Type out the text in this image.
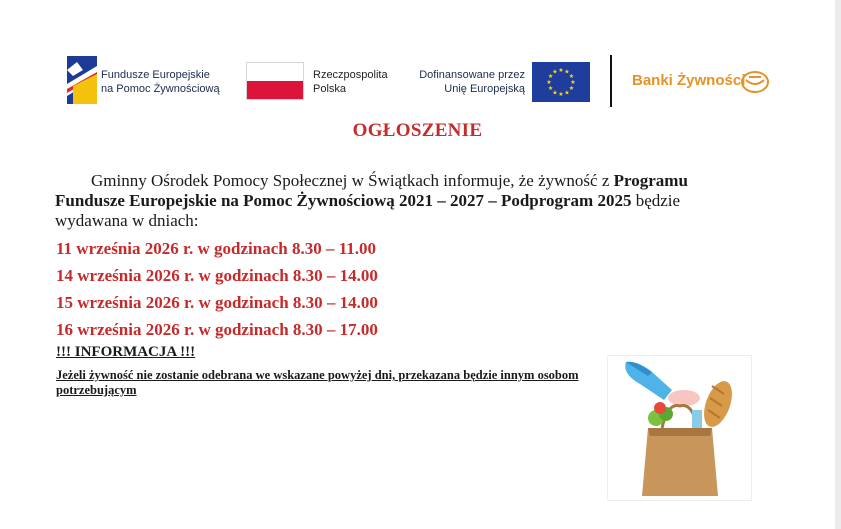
Fundusze Europejskie
na Pomoc Żywnościową
Rzeczpospolita
Polska
Dofinansowane przez
Unię Europejską
★ ★
★
★
★
★
★
★
★
★
★
★	Banki Żywności
OGŁOSZENIE
Gminny Ośrodek Pomocy Społecznej w Świątkach informuje, że żywność z Programu Fundusze Europejskie na Pomoc Żywnościową 2021 – 2027 – Podprogram 2025 będzie wydawana w dniach:
11 września 2026 r. w godzinach 8.30 – 11.00
14 września 2026 r. w godzinach 8.30 – 14.00
15 września 2026 r. w godzinach 8.30 – 14.00
16 września 2026 r. w godzinach 8.30 – 17.00
!!! INFORMACJA !!!
Jeżeli żywność nie zostanie odebrana we wskazane powyżej dni, przekazana będzie innym osobom potrzebującym
